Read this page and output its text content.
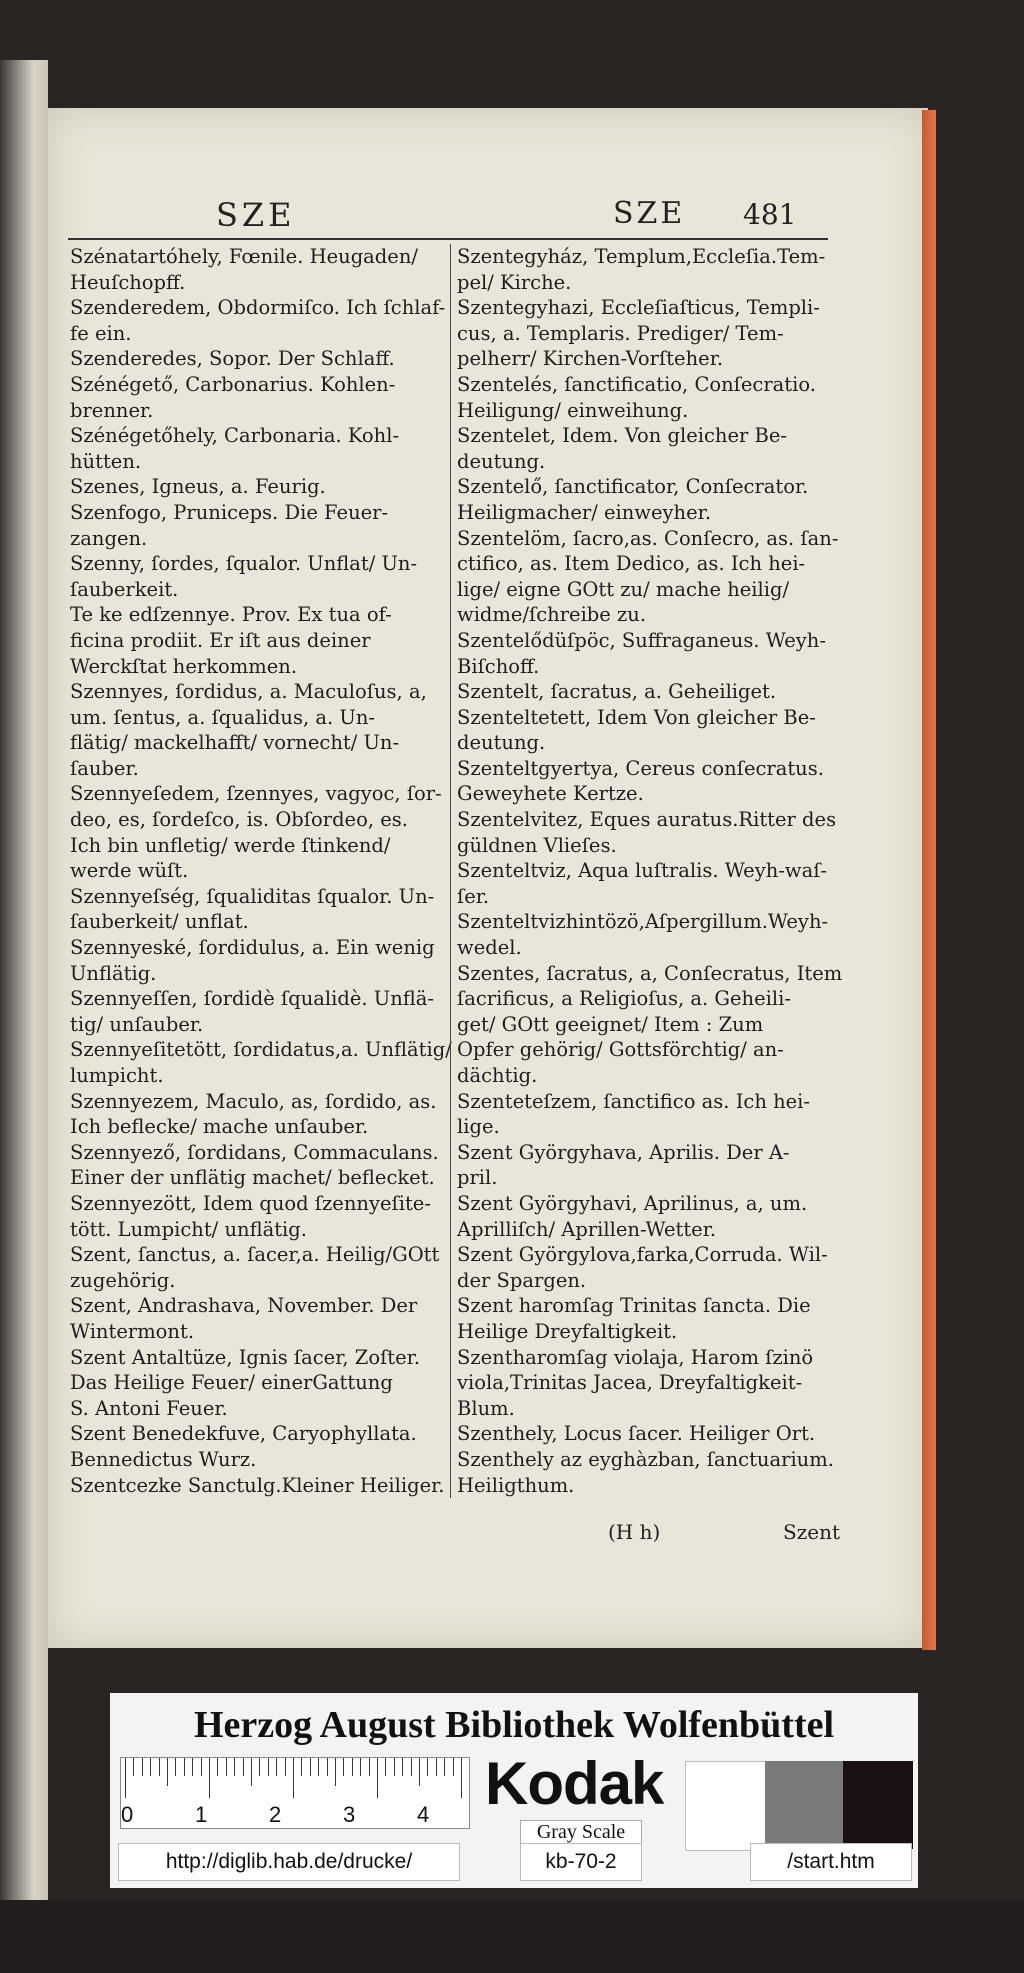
SZE	SZE 481

Szénatartóhely, Fœnile. Heugaden/

Heuſchopff.

Szenderedem, Obdormiſco. Ich ſchlaf-

fe ein.

Szenderedes, Sopor. Der Schlaff.

Szénégető, Carbonarius. Kohlen-

brenner.

Szénégetőhely, Carbonaria. Kohl-

hütten.

Szenes, Igneus, a. Feurig.

Szenfogo, Pruniceps. Die Feuer-

zangen.

Szenny, ſordes, ſqualor. Unflat/ Un-

ſauberkeit.

Te ke edſzennye. Prov. Ex tua of-

ficina prodiit. Er iſt aus deiner

Werckſtat herkommen.

Szennyes, ſordidus, a. Maculoſus, a,

um. ſentus, a. ſqualidus, a. Un-

flätig/ mackelhafft/ vornecht/ Un-

ſauber.

Szennyeſedem, ſzennyes, vagyoc, ſor-

deo, es, ſordeſco, is. Obſordeo, es.

Ich bin unfletig/ werde ſtinkend/

werde wüſt.

Szennyeſség, ſqualiditas ſqualor. Un-

ſauberkeit/ unflat.

Szennyeské, ſordidulus, a. Ein wenig

Unflätig.

Szennyeſſen, ſordidè ſqualidè. Unflä-

tig/ unſauber.

Szennyeſitetött, ſordidatus,a. Unflätig/

lumpicht.

Szennyezem, Maculo, as, ſordido, as.

Ich beflecke/ mache unſauber.

Szennyező, ſordidans, Commaculans.

Einer der unflätig machet/ beflecket.

Szennyezött, Idem quod ſzennyeſite-

tött. Lumpicht/ unflätig.

Szent, ſanctus, a. ſacer,a. Heilig/GOtt

zugehörig.

Szent, Andrashava, November. Der

Wintermont.

Szent Antaltüze, Ignis ſacer, Zoſter.

Das Heilige Feuer/ einerGattung

S. Antoni Feuer.

Szent Benedekfuve, Caryophyllata.

Bennedictus Wurz.

Szentcezke Sanctulg.Kleiner Heiliger.

Szentegyház, Templum,Eccleſia.Tem-

pel/ Kirche.

Szentegyhazi, Eccleſiaſticus, Templi-

cus, a. Templaris. Prediger/ Tem-

pelherr/ Kirchen-Vorſteher.

Szentelés, ſanctificatio, Conſecratio.

Heiligung/ einweihung.

Szentelet, Idem. Von gleicher Be-

deutung.

Szentelő, ſanctificator, Conſecrator.

Heiligmacher/ einweyher.

Szentelöm, ſacro,as. Conſecro, as. ſan-

ctifico, as. Item Dedico, as. Ich hei-

lige/ eigne GOtt zu/ mache heilig/

widme/ſchreibe zu.

Szentelődüſpöc, Suffraganeus. Weyh-

Biſchoff.

Szentelt, ſacratus, a. Geheiliget.

Szenteltetett, Idem Von gleicher Be-

deutung.

Szenteltgyertya, Cereus conſecratus.

Geweyhete Kertze.

Szentelvitez, Eques auratus.Ritter des

güldnen Vlieſes.

Szenteltviz, Aqua luſtralis. Weyh-waſ-

ſer.

Szenteltvizhintözö,Aſpergillum.Weyh-

wedel.

Szentes, ſacratus, a, Conſecratus, Item

ſacrificus, a Religioſus, a. Geheili-

get/ GOtt geeignet/ Item : Zum

Opfer gehörig/ Gottsförchtig/ an-

dächtig.

Szenteteſzem, ſanctifico as. Ich hei-

lige.

Szent Györgyhava, Aprilis. Der A-

pril.

Szent Györgyhavi, Aprilinus, a, um.

Aprilliſch/ Aprillen-Wetter.

Szent Györgylova,farka,Corruda. Wil-

der Spargen.

Szent haromſag Trinitas ſancta. Die

Heilige Dreyfaltigkeit.

Szentharomſag violaja, Harom ſzinö

viola,Trinitas Jacea, Dreyfaltigkeit-

Blum.

Szenthely, Locus ſacer. Heiliger Ort.

Szenthely az eyghàzban, ſanctuarium.

Heiligthum.

(H h)	Szent
Herzog August Bibliothek Wolfenbüttel
0	1	2	3	4 Kodak
Gray Scale
http://diglib.hab.de/drucke/	kb-70-2	/start.htm
